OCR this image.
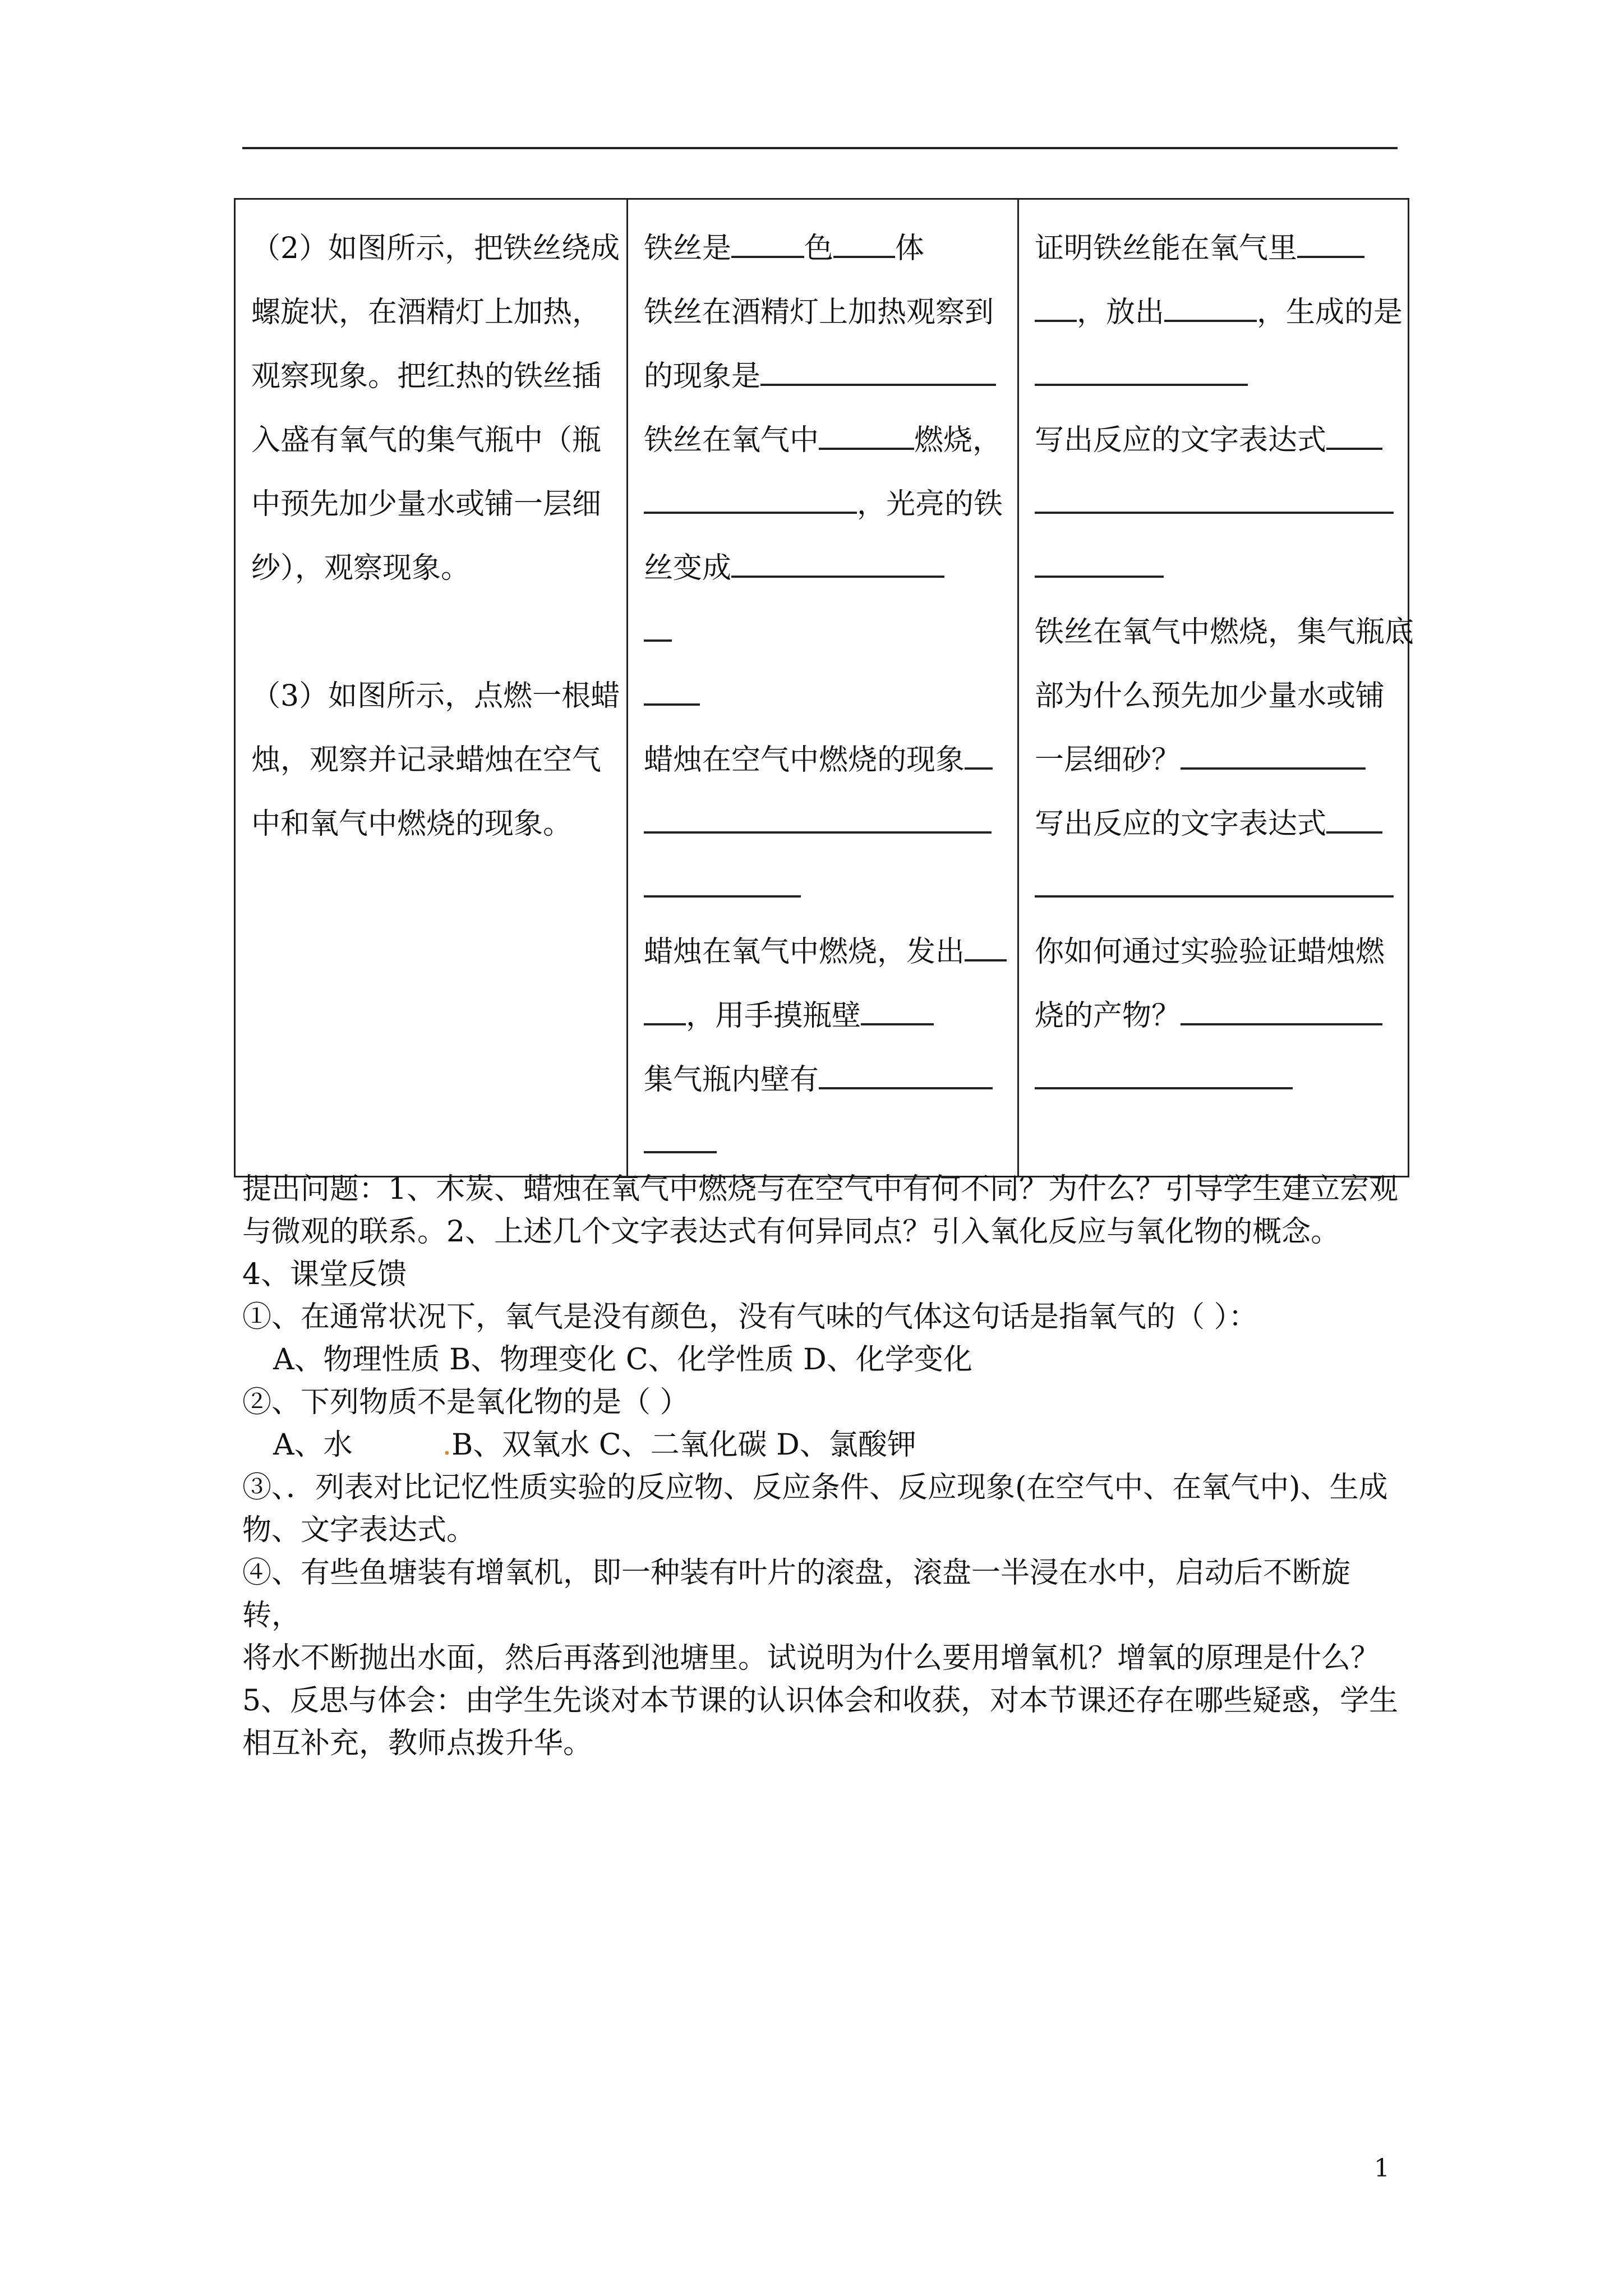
（2）如图所示，把铁丝绕成
螺旋状，在酒精灯上加热，
观察现象。把红热的铁丝插
入盛有氧气的集气瓶中（瓶
中预先加少量水或铺一层细
纱），观察现象。
（3）如图所示，点燃一根蜡
烛，观察并记录蜡烛在空气
中和氧气中燃烧的现象。

铁丝是	色 体
铁丝在酒精灯上加热观察到
的现象是
铁丝在氧气中	燃烧，
，光亮的铁
丝变成
蜡烛在空气中燃烧的现象
蜡烛在氧气中燃烧，发出
，用手摸瓶壁
集气瓶内壁有

证明铁丝能在氧气里
，放出	，生成的是
写出反应的文字表达式
铁丝在氧气中燃烧，集气瓶底
部为什么预先加少量水或铺
一层细砂？
写出反应的文字表达式
你如何通过实验验证蜡烛燃
烧的产物？

提出问题：1、木炭、蜡烛在氧气中燃烧与在空气中有何不同？为什么？引导学生建立宏观

与微观的联系。2、上述几个文字表达式有何异同点？引入氧化反应与氧化物的概念。

4、课堂反馈

①、在通常状况下，氧气是没有颜色，没有气味的气体这句话是指氧气的（ ）：

A、物理性质 B、物理变化 C、化学性质 D、化学变化

②、下列物质不是氧化物的是（ ）

A、水	.B、双氧水 C、二氧化碳 D、氯酸钾

③、．列表对比记忆性质实验的反应物、反应条件、反应现象(在空气中、在氧气中)、生成

物、文字表达式。

④、有些鱼塘装有增氧机，即一种装有叶片的滚盘，滚盘一半浸在水中，启动后不断旋转，

将水不断抛出水面，然后再落到池塘里。试说明为什么要用增氧机？增氧的原理是什么？

5、反思与体会：由学生先谈对本节课的认识体会和收获，对本节课还存在哪些疑惑，学生

相互补充，教师点拨升华。

1
